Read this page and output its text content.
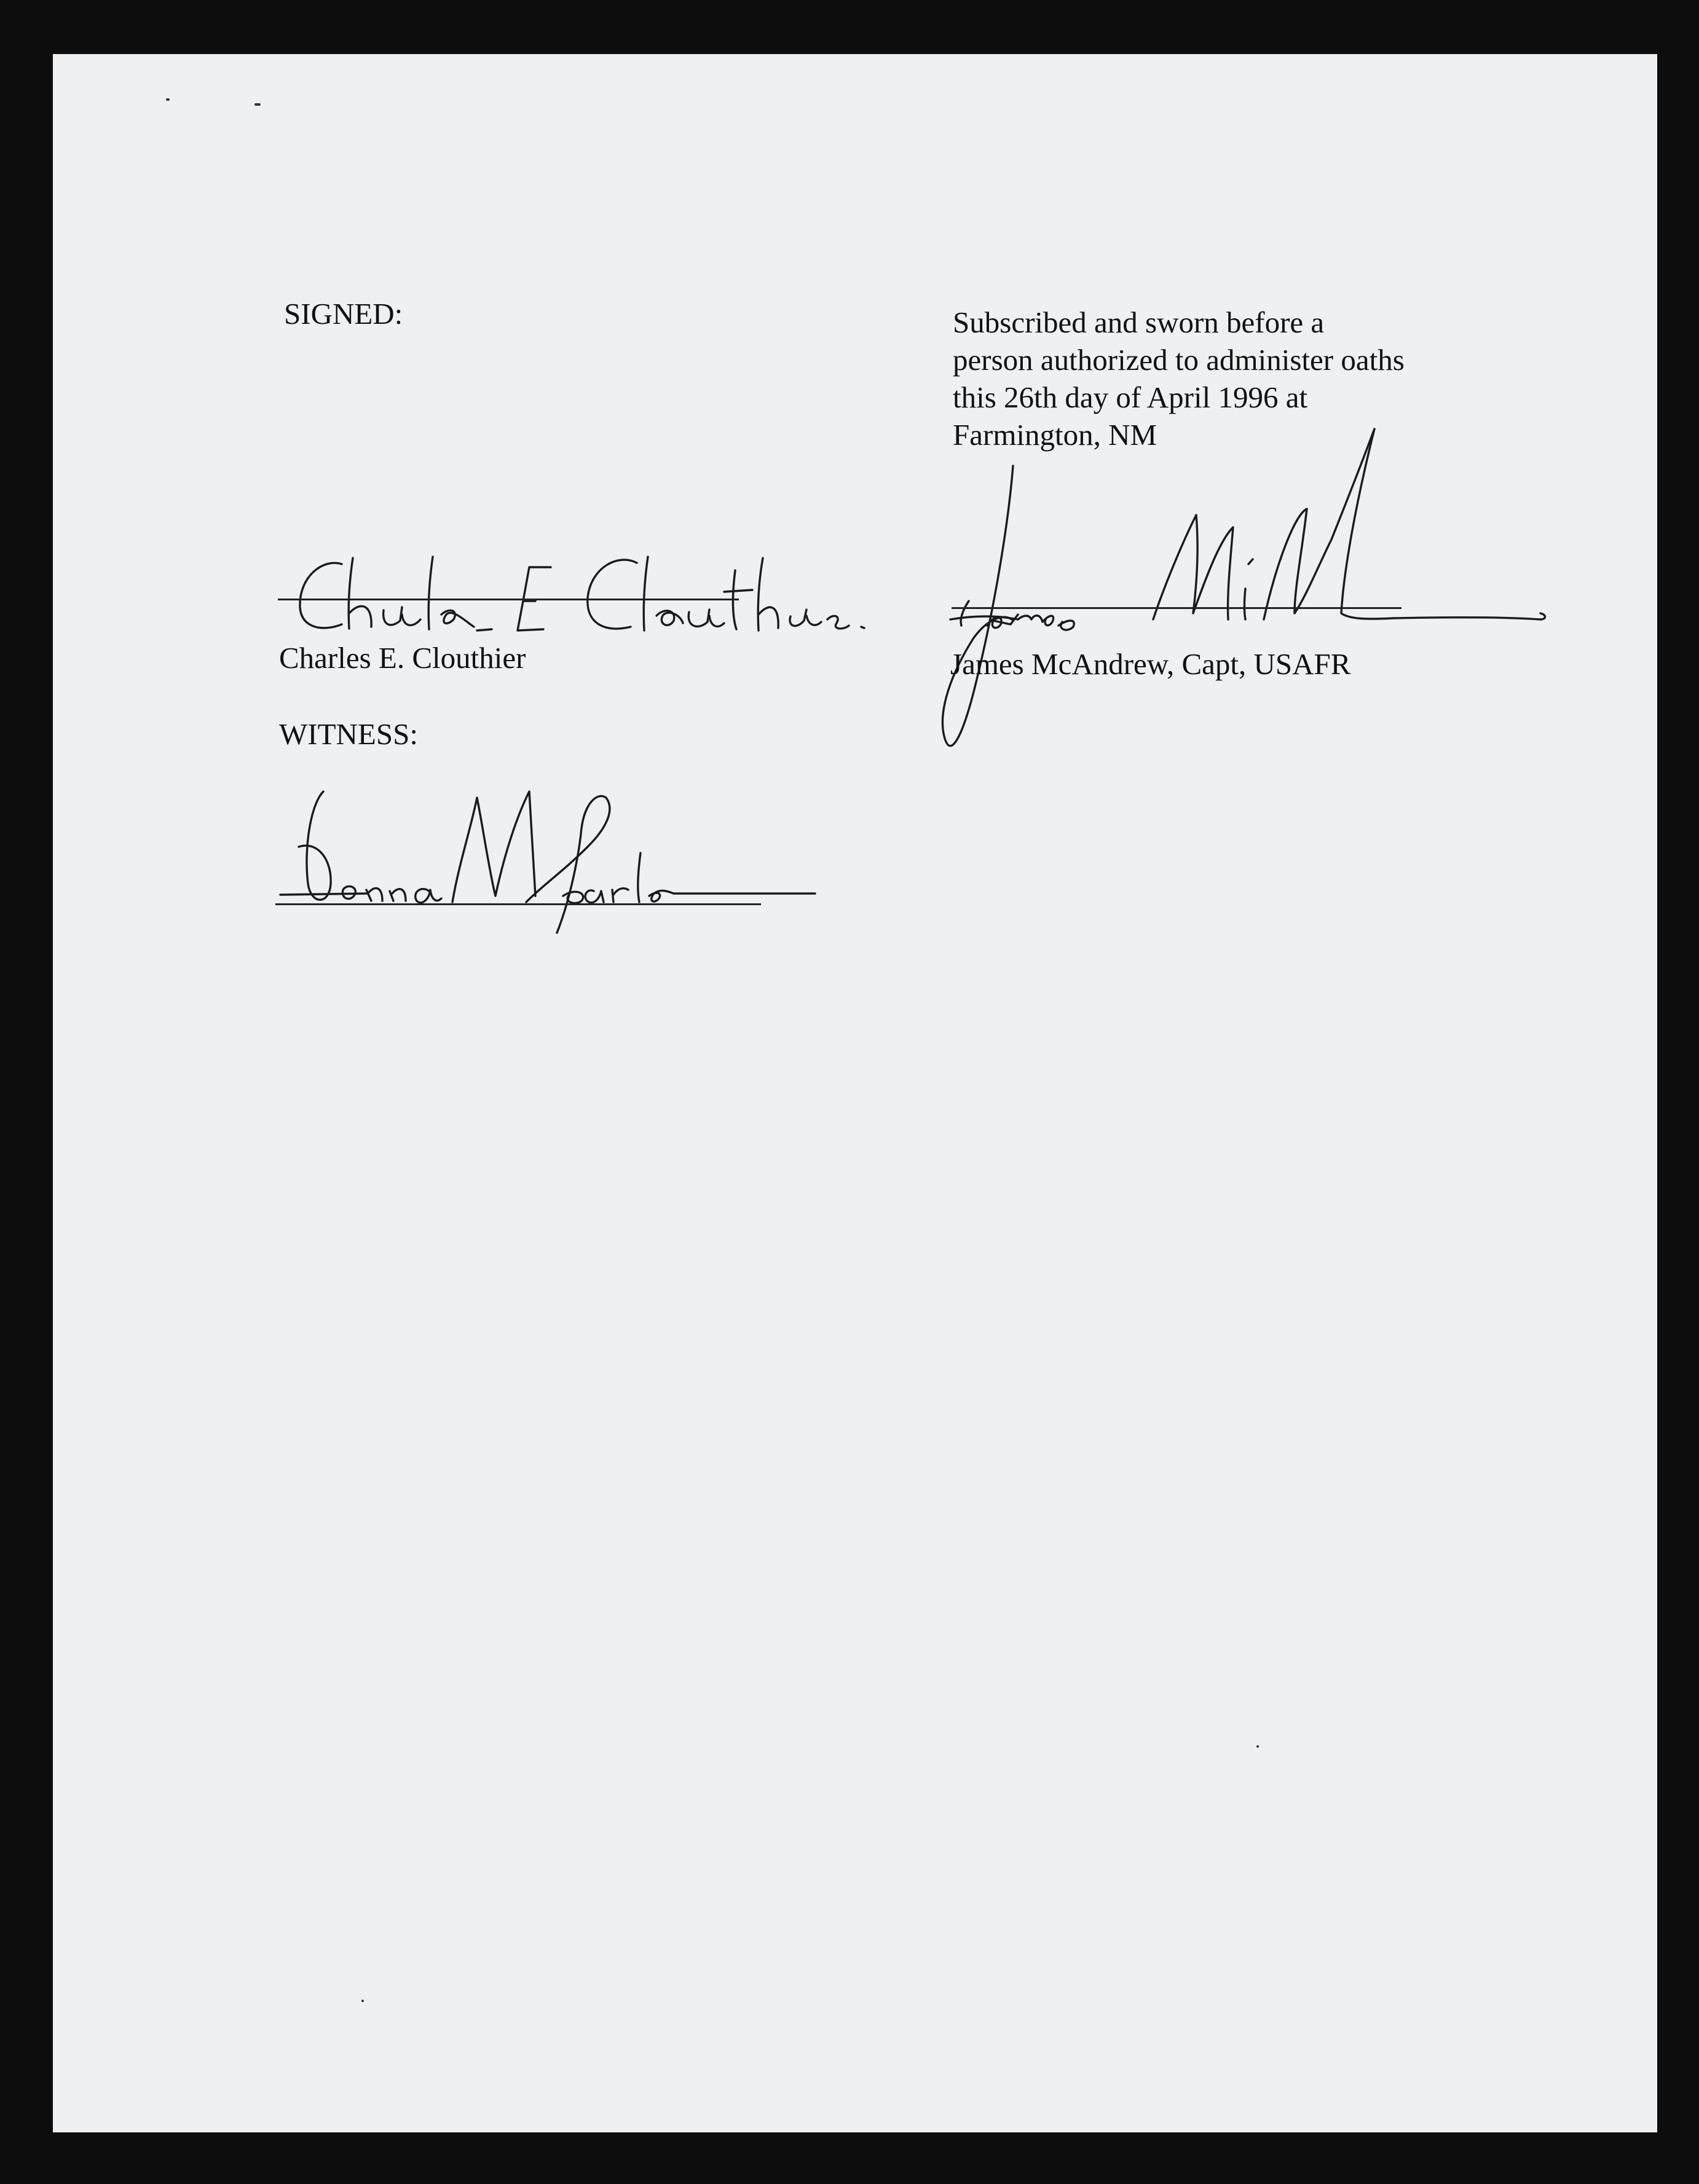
SIGNED:
Charles E. Clouthier
WITNESS:
Subscribed and sworn before a
person authorized to administer oaths
this 26th day of April 1996 at
Farmington, NM
James McAndrew, Capt, USAFR
